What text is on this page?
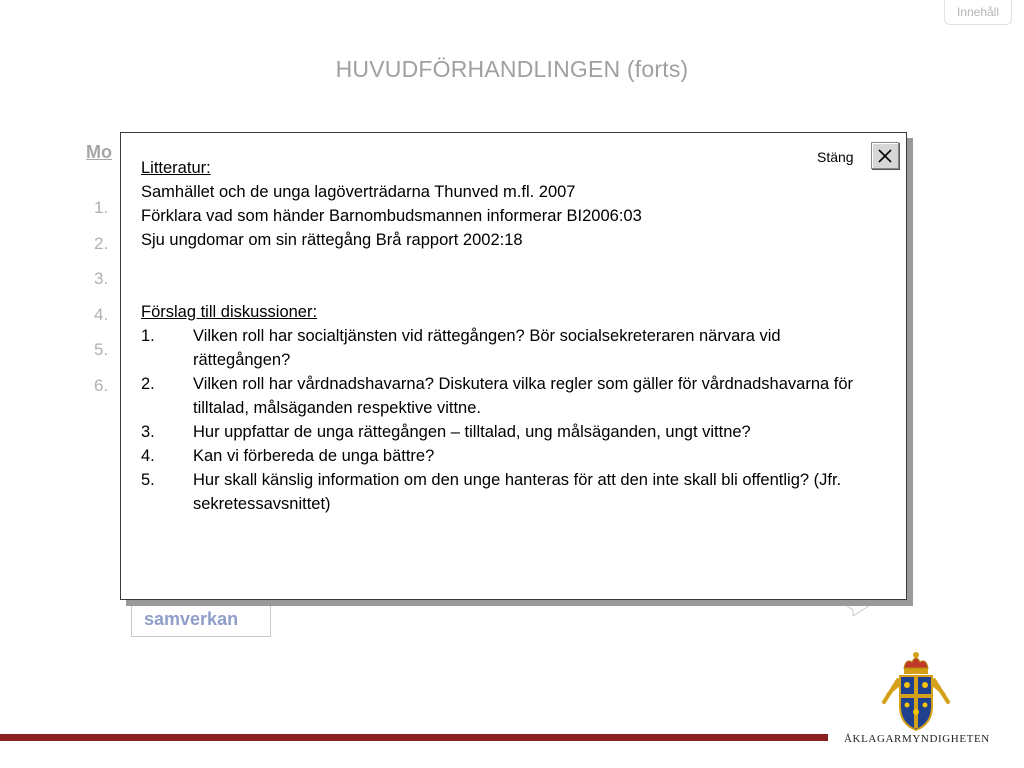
Innehåll
HUVUDFÖRHANDLINGEN (forts)
Mo
1.
2.
3.
4.
5.
6.
samverkan
Stäng
Litteratur:
Samhället och de unga lagöverträdarna Thunved m.fl. 2007
Förklara vad som händer Barnombudsmannen informerar BI2006:03
Sju ungdomar om sin rättegång Brå rapport 2002:18
Förslag till diskussioner:
1.	Vilken roll har socialtjänsten vid rättegången? Bör socialsekreteraren närvara vid rättegången?
2.	Vilken roll har vårdnadshavarna? Diskutera vilka regler som gäller för vårdnadshavarna för tilltalad, målsäganden respektive vittne.
3.	Hur uppfattar de unga rättegången – tilltalad, ung målsäganden, ungt vittne?
4.	Kan vi förbereda de unga bättre?
5.	Hur skall känslig information om den unge hanteras för att den inte skall bli offentlig? (Jfr. sekretessavsnittet)
ÅKLAGARMYNDIGHETEN
